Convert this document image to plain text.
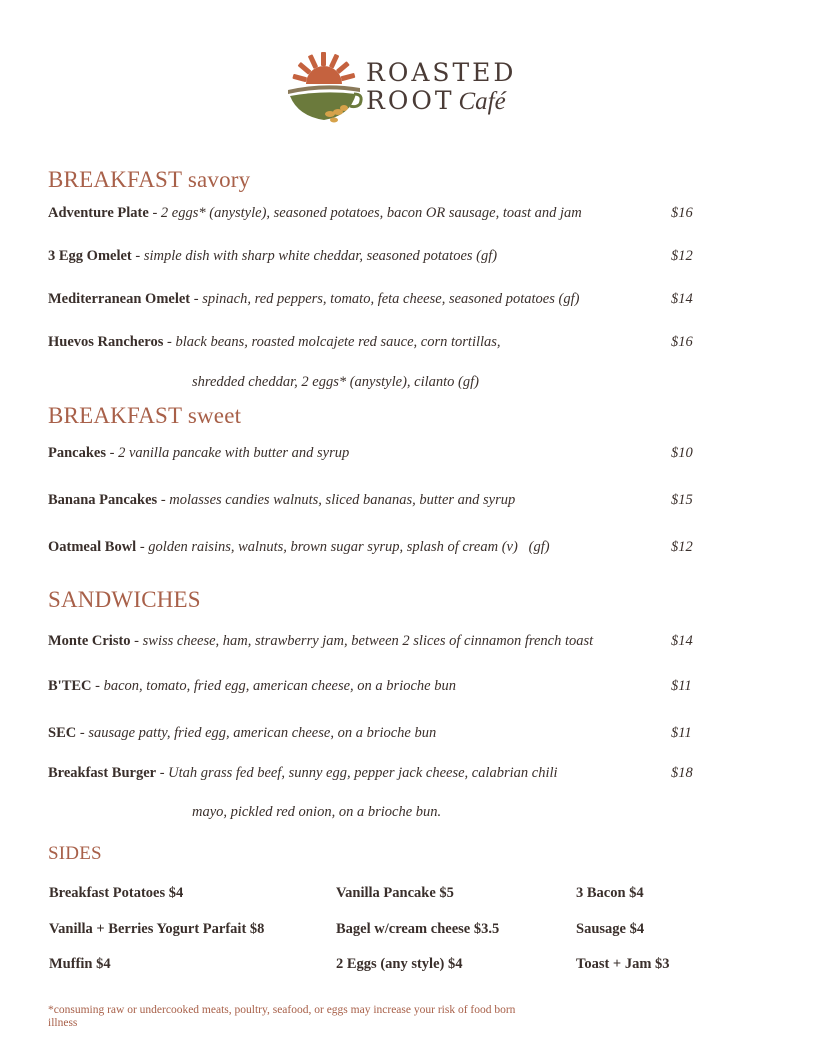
ROASTED
ROOT Café
BREAKFAST savory
Adventure Plate - 2 eggs* (anystyle), seasoned potatoes, bacon OR sausage, toast and jam	$16
3 Egg Omelet - simple dish with sharp white cheddar, seasoned potatoes (gf)	$12
Mediterranean Omelet - spinach, red peppers, tomato, feta cheese, seasoned potatoes (gf)	$14
Huevos Rancheros - black beans, roasted molcajete red sauce, corn tortillas,	$16
shredded cheddar, 2 eggs* (anystyle), cilanto (gf)
BREAKFAST sweet
Pancakes - 2 vanilla pancake with butter and syrup	$10
Banana Pancakes - molasses candies walnuts, sliced bananas, butter and syrup	$15
Oatmeal Bowl - golden raisins, walnuts, brown sugar syrup, splash of cream (v)   (gf)	$12
SANDWICHES
Monte Cristo - swiss cheese, ham, strawberry jam, between 2 slices of cinnamon french toast	$14
B'TEC - bacon, tomato, fried egg, american cheese, on a brioche bun	$11
SEC - sausage patty, fried egg, american cheese, on a brioche bun	$11
Breakfast Burger - Utah grass fed beef, sunny egg, pepper jack cheese, calabrian chili	$18
mayo, pickled red onion, on a brioche bun.
SIDES
Breakfast Potatoes $4	Vanilla Pancake $5	3 Bacon $4
Vanilla + Berries Yogurt Parfait $8	Bagel w/cream cheese $3.5	Sausage $4
Muffin $4	2 Eggs (any style) $4	Toast + Jam $3
*consuming raw or undercooked meats, poultry, seafood, or eggs may increase your risk of food born illness
